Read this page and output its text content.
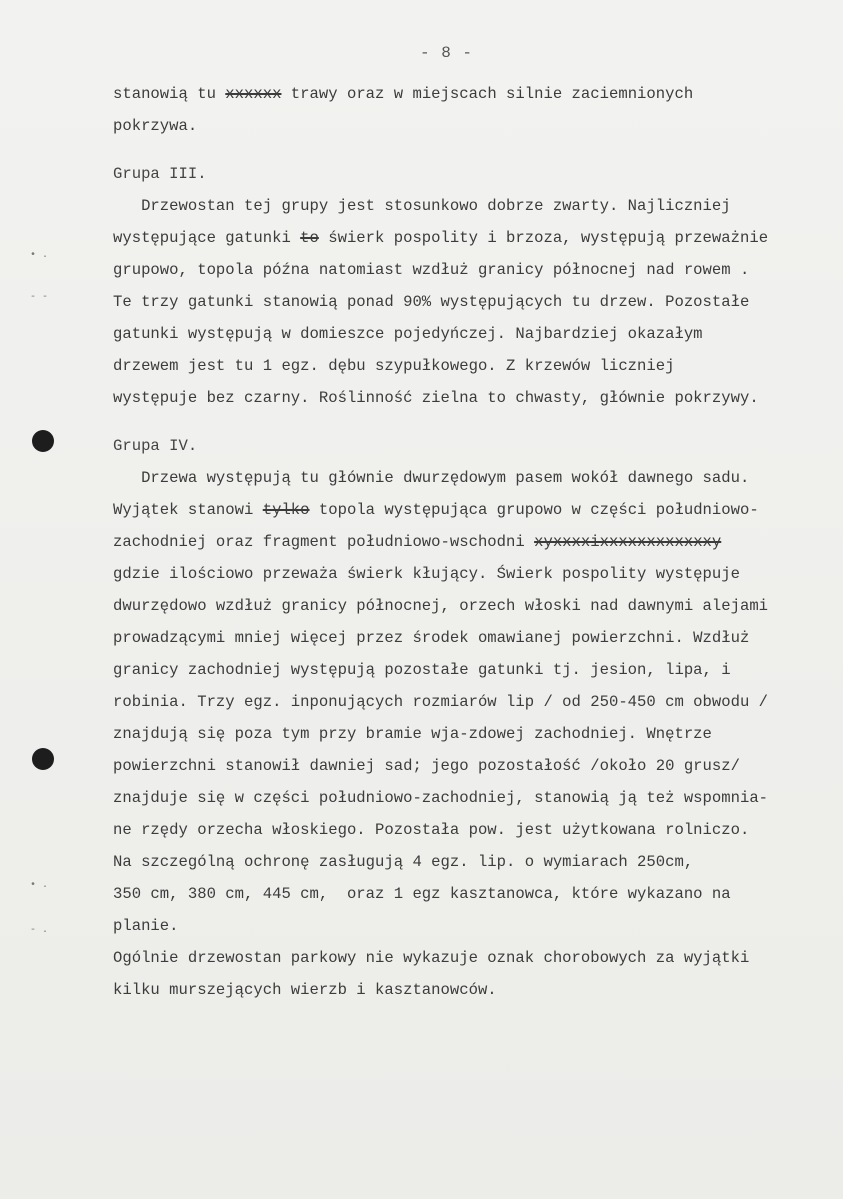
- 8 -
• .
- -
• .
- .
stanowią tu xxxxxx trawy oraz w miejscach silnie zaciemnionych
pokrzywa.
Grupa III.
Drzewostan tej grupy jest stosunkowo dobrze zwarty. Najliczniej
występujące gatunki to świerk pospolity i brzoza, występują przeważnie
grupowo, topola późna natomiast wzdłuż granicy północnej nad rowem .
Te trzy gatunki stanowią ponad 90% występujących tu drzew. Pozostałe
gatunki występują w domieszce pojedyńczej. Najbardziej okazałym
drzewem jest tu 1 egz. dębu szypułkowego. Z krzewów liczniej
występuje bez czarny. Roślinność zielna to chwasty, głównie pokrzywy.
Grupa IV.
Drzewa występują tu głównie dwurzędowym pasem wokół dawnego sadu.
Wyjątek stanowi tylko topola występująca grupowo w części południowo-
zachodniej oraz fragment południowo-wschodni xyxxxxixxxxxxxxxxxxy
gdzie ilościowo przeważa świerk kłujący. Świerk pospolity występuje
dwurzędowo wzdłuż granicy północnej, orzech włoski nad dawnymi alejami
prowadzącymi mniej więcej przez środek omawianej powierzchni. Wzdłuż
granicy zachodniej występują pozostałe gatunki tj. jesion, lipa, i
robinia. Trzy egz. inponujących rozmiarów lip / od 250-450 cm obwodu /
znajdują się poza tym przy bramie wja-zdowej zachodniej. Wnętrze
powierzchni stanowił dawniej sad; jego pozostałość /około 20 grusz/
znajduje się w części południowo-zachodniej, stanowią ją też wspomnia-
ne rzędy orzecha włoskiego. Pozostała pow. jest użytkowana rolniczo.
Na szczególną ochronę zasługują 4 egz. lip. o wymiarach 250cm,
350 cm, 380 cm, 445 cm,  oraz 1 egz kasztanowca, które wykazano na
planie.
Ogólnie drzewostan parkowy nie wykazuje oznak chorobowych za wyjątki
kilku murszejących wierzb i kasztanowców.
